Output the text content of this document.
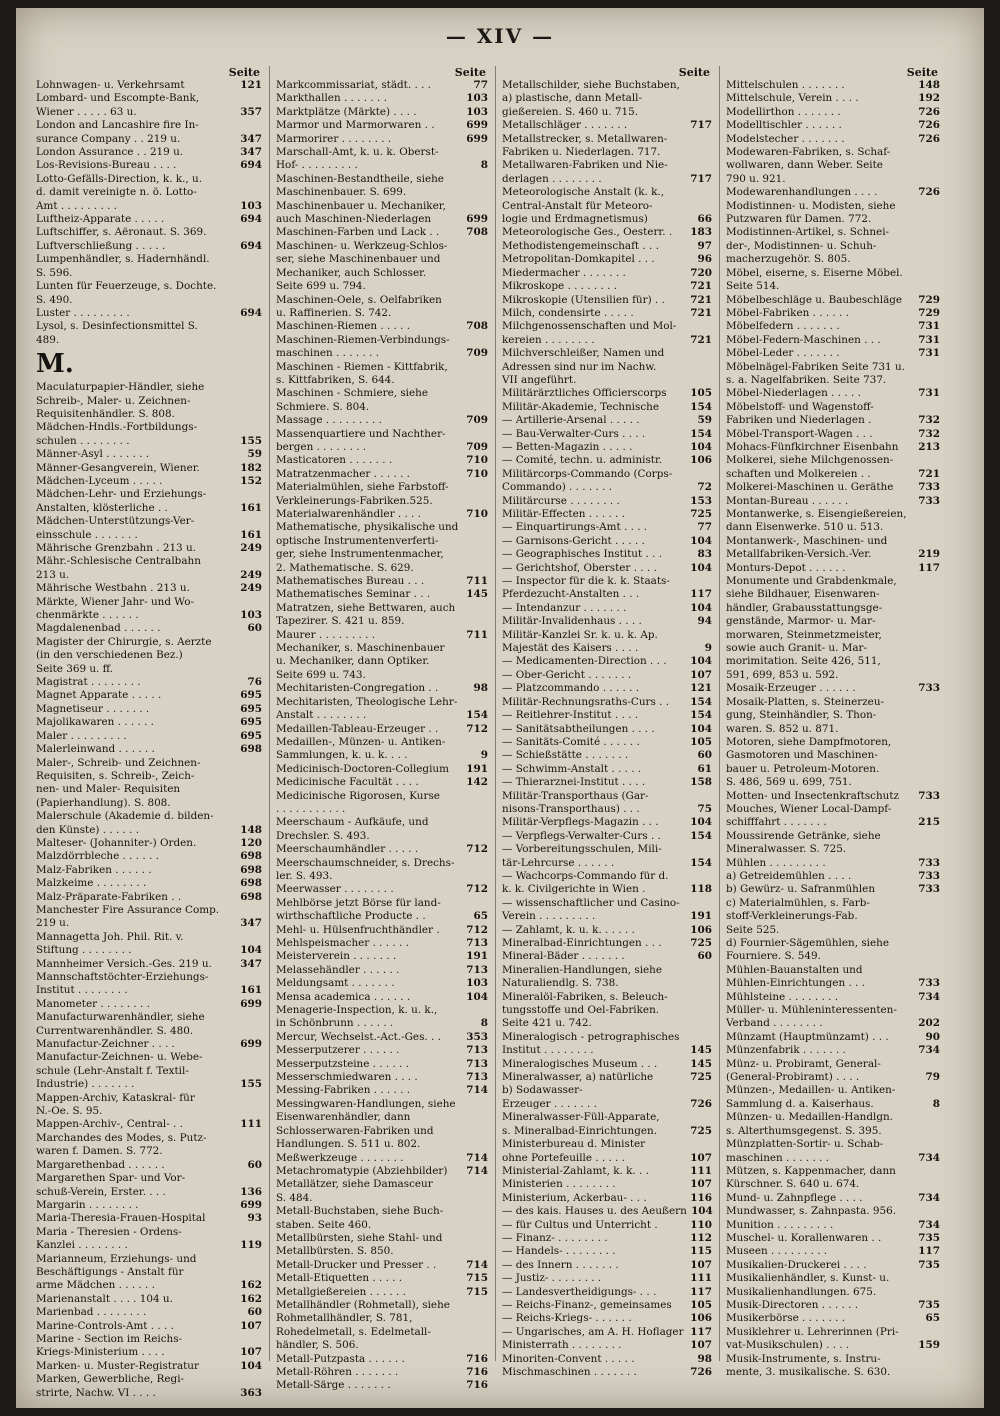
— XIV —
Seite
Lohnwagen- u. Verkehrsamt	121
Lombard- und Escompte-Bank,
Wiener . . . . . 63 u.	357
London and Lancashire fire In-
surance Company . . 219 u.	347
London Assurance . . 219 u.	347
Los-Revisions-Bureau . . . .	694
Lotto-Gefälls-Direction, k. k., u.
d. damit vereinigte n. ö. Lotto-
Amt . . . . . . . . .	103
Luftheiz-Apparate . . . . .	694
Luftschiffer, s. Aëronaut. S. 369.
Luftverschließung . . . . .	694
Lumpenhändler, s. Hadernhändl.
S. 596.
Lunten für Feuerzeuge, s. Dochte.
S. 490.
Luster . . . . . . . . .	694
Lysol, s. Desinfectionsmittel S.
489.
M.
Maculaturpapier-Händler, siehe
Schreib-, Maler- u. Zeichnen-
Requisitenhändler. S. 808.
Mädchen-Hndls.-Fortbildungs-
schulen . . . . . . . .	155
Männer-Asyl . . . . . . .	59
Männer-Gesangverein, Wiener.	182
Mädchen-Lyceum . . . . .	152
Mädchen-Lehr- und Erziehungs-
Anstalten, klösterliche . .	161
Mädchen-Unterstützungs-Ver-
einsschule . . . . . . .	161
Mährische Grenzbahn . 213 u.	249
Mähr.-Schlesische Centralbahn
213 u.	249
Mährische Westbahn . 213 u.	249
Märkte, Wiener Jahr- und Wo-
chenmärkte . . . . . .	103
Magdalenenbad . . . . . .	60
Magister der Chirurgie, s. Aerzte
(in den verschiedenen Bez.)
Seite 369 u. ff.
Magistrat . . . . . . . .	76
Magnet Apparate . . . . .	695
Magnetiseur . . . . . . .	695
Majolikawaren . . . . . .	695
Maler . . . . . . . . .	695
Malerleinwand . . . . . .	698
Maler-, Schreib- und Zeichnen-
Requisiten, s. Schreib-, Zeich-
nen- und Maler- Requisiten
(Papierhandlung). S. 808.
Malerschule (Akademie d. bilden-
den Künste) . . . . . .	148
Malteser- (Johanniter-) Orden.	120
Malzdörrbleche . . . . . .	698
Malz-Fabriken . . . . . .	698
Malzkeime . . . . . . . .	698
Malz-Präparate-Fabriken . .	698
Manchester Fire Assurance Comp.
219 u.	347
Mannagetta Joh. Phil. Rit. v.
Stiftung . . . . . . . .	104
Mannheimer Versich.-Ges. 219 u.	347
Mannschaftstöchter-Erziehungs-
Institut . . . . . . . .	161
Manometer . . . . . . . .	699
Manufacturwarenhändler, siehe
Currentwarenhändler. S. 480.
Manufactur-Zeichner . . . .	699
Manufactur-Zeichnen- u. Webe-
schule (Lehr-Anstalt f. Textil-
Industrie) . . . . . . .	155
Mappen-Archiv, Kataskral- für
N.-Oe. S. 95.
Mappen-Archiv-, Central- . .	111
Marchandes des Modes, s. Putz-
waren f. Damen. S. 772.
Margarethenbad . . . . . .	60
Margarethen Spar- und Vor-
schuß-Verein, Erster. . . .	136
Margarin . . . . . . . .	699
Maria-Theresia-Frauen-Hospital	93
Maria - Theresien - Ordens-
Kanzlei . . . . . . . .	119
Marianneum, Erziehungs- und
Beschäftigungs - Anstalt für
arme Mädchen . . . . . .	162
Marienanstalt . . . . 104 u.	162
Marienbad . . . . . . . .	60
Marine-Controls-Amt . . . .	107
Marine - Section im Reichs-
Kriegs-Ministerium . . . .	107
Marken- u. Muster-Registratur	104
Marken, Gewerbliche, Regi-
strirte, Nachw. VI . . . .	363
Seite
Markcommissariat, städt. . . .	77
Markthallen . . . . . . .	103
Marktplätze (Märkte) . . . .	103
Marmor und Marmorwaren . .	699
Marmorirer . . . . . . . .	699
Marschall-Amt, k. u. k. Oberst-
Hof- . . . . . . . . .	8
Maschinen-Bestandtheile, siehe
Maschinenbauer. S. 699.
Maschinenbauer u. Mechaniker,
auch Maschinen-Niederlagen	699
Maschinen-Farben und Lack . .	708
Maschinen- u. Werkzeug-Schlos-
ser, siehe Maschinenbauer und
Mechaniker, auch Schlosser.
Seite 699 u. 794.
Maschinen-Oele, s. Oelfabriken
u. Raffinerien. S. 742.
Maschinen-Riemen . . . . .	708
Maschinen-Riemen-Verbindungs-
maschinen . . . . . . .	709
Maschinen - Riemen - Kittfabrik,
s. Kittfabriken, S. 644.
Maschinen - Schmiere, siehe
Schmiere. S. 804.
Massage . . . . . . . . .	709
Massenquartiere und Nachther-
bergen . . . . . . . .	709
Masticatoren . . . . . . .	710
Matratzenmacher . . . . . .	710
Materialmühlen, siehe Farbstoff-
Verkleinerungs-Fabriken.525.
Materialwarenhändler . . . .	710
Mathematische, physikalische und
optische Instrumentenverferti-
ger, siehe Instrumentenmacher,
2. Mathematische. S. 629.
Mathematisches Bureau . . .	711
Mathematisches Seminar . . .	145
Matratzen, siehe Bettwaren, auch
Tapezirer. S. 421 u. 859.
Maurer . . . . . . . . .	711
Mechaniker, s. Maschinenbauer
u. Mechaniker, dann Optiker.
Seite 699 u. 743.
Mechitaristen-Congregation . .	98
Mechitaristen, Theologische Lehr-
Anstalt . . . . . . . .	154
Medaillen-Tableau-Erzeuger . .	712
Medaillen-, Münzen- u. Antiken-
Sammlungen, k. u. k. . . .	9
Medicinisch-Doctoren-Collegium	191
Medicinische Facultät . . . .	142
Medicinische Rigorosen, Kurse
. . . . . . . . . . .
Meerschaum - Aufkäufe, und
Drechsler. S. 493.
Meerschaumhändler . . . . .	712
Meerschaumschneider, s. Drechs-
ler. S. 493.
Meerwasser . . . . . . . .	712
Mehlbörse jetzt Börse für land-
wirthschaftliche Producte . .	65
Mehl- u. Hülsenfruchthändler .	712
Mehlspeismacher . . . . . .	713
Meisterverein . . . . . . .	191
Melassehändler . . . . . .	713
Meldungsamt . . . . . . .	103
Mensa academica . . . . . .	104
Menagerie-Inspection, k. u. k.,
in Schönbrunn . . . . . .	8
Mercur, Wechselst.-Act.-Ges. . .	353
Messerputzerer . . . . . .	713
Messerputzsteine . . . . . .	713
Messerschmiedwaren . . . .	713
Messing-Fabriken . . . . . .	714
Messingwaren-Handlungen, siehe
Eisenwarenhändler, dann
Schlosserwaren-Fabriken und
Handlungen. S. 511 u. 802.
Meßwerkzeuge . . . . . . .	714
Metachromatypie (Abziehbilder)	714
Metallätzer, siehe Damasceur
S. 484.
Metall-Buchstaben, siehe Buch-
staben. Seite 460.
Metallbürsten, siehe Stahl- und
Metallbürsten. S. 850.
Metall-Drucker und Presser . .	714
Metall-Etiquetten . . . . .	715
Metallgießereien . . . . . .	715
Metallhändler (Rohmetall), siehe
Rohmetallhändler, S. 781,
Rohedelmetall, s. Edelmetall-
händler, S. 506.
Metall-Putzpasta . . . . . .	716
Metall-Röhren . . . . . . .	716
Metall-Särge . . . . . . .	716
Seite
Metallschilder, siehe Buchstaben,
a) plastische, dann Metall-
gießereien. S. 460 u. 715.
Metallschläger . . . . . . .	717
Metallstrecker, s. Metallwaren-
Fabriken u. Niederlagen. 717.
Metallwaren-Fabriken und Nie-
derlagen . . . . . . . .	717
Meteorologische Anstalt (k. k.,
Central-Anstalt für Meteoro-
logie und Erdmagnetismus)	66
Meteorologische Ges., Oesterr. .	183
Methodistengemeinschaft . . .	97
Metropolitan-Domkapitel . . .	96
Miedermacher . . . . . . .	720
Mikroskope . . . . . . . .	721
Mikroskopie (Utensilien für) . .	721
Milch, condensirte . . . . .	721
Milchgenossenschaften und Mol-
kereien . . . . . . . .	721
Milchverschleißer, Namen und
Adressen sind nur im Nachw.
VII angeführt.
Militärärztliches Officierscorps	105
Militär-Akademie, Technische	154
— Artillerie-Arsenal . . . . .	59
— Bau-Verwalter-Curs . . . .	154
— Betten-Magazin . . . . .	104
— Comité, techn. u. administr.	106
Militärcorps-Commando (Corps-
Commando) . . . . . . .	72
Militärcurse . . . . . . . .	153
Militär-Effecten . . . . . .	725
— Einquartirungs-Amt . . . .	77
— Garnisons-Gericht . . . . .	104
— Geographisches Institut . . .	83
— Gerichtshof, Oberster . . . .	104
— Inspector für die k. k. Staats-
Pferdezucht-Anstalten . . .	117
— Intendanzur . . . . . . .	104
Militär-Invalidenhaus . . . .	94
Militär-Kanzlei Sr. k. u. k. Ap.
Majestät des Kaisers . . . .	9
— Medicamenten-Direction . . .	104
— Ober-Gericht . . . . . . .	107
— Platzcommando . . . . . .	121
Militär-Rechnungsraths-Curs . .	154
— Reitlehrer-Institut . . . .	154
— Sanitätsabtheilungen . . . .	104
— Sanitäts-Comité . . . . . .	105
— Schießstätte . . . . . . .	60
— Schwimm-Anstalt . . . . .	61
— Thierarznei-Institut . . . .	158
Militär-Transporthaus (Gar-
nisons-Transporthaus) . . .	75
Militär-Verpflegs-Magazin . . .	104
— Verpflegs-Verwalter-Curs . .	154
— Vorbereitungsschulen, Mili-
tär-Lehrcurse . . . . . .	154
— Wachcorps-Commando für d.
k. k. Civilgerichte in Wien .	118
— wissenschaftlicher und Casino-
Verein . . . . . . . . .	191
— Zahlamt, k. u. k. . . . . .	106
Mineralbad-Einrichtungen . . .	725
Mineral-Bäder . . . . . . .	60
Mineralien-Handlungen, siehe
Naturaliendlg. S. 738.
Mineralöl-Fabriken, s. Beleuch-
tungsstoffe und Oel-Fabriken.
Seite 421 u. 742.
Mineralogisch - petrographisches
Institut . . . . . . . .	145
Mineralogisches Museum . . .	145
Mineralwasser, a) natürliche	725
b) Sodawasser-
Erzeuger . . . . . . .	726
Mineralwasser-Füll-Apparate,
s. Mineralbad-Einrichtungen.	725
Ministerbureau d. Minister
ohne Portefeuille . . . . .	107
Ministerial-Zahlamt, k. k. . .	111
Ministerien . . . . . . . .	107
Ministerium, Ackerbau- . . .	116
— des kais. Hauses u. des Aeußern 104
— für Cultus und Unterricht .	110
— Finanz- . . . . . . . .	112
— Handels- . . . . . . . .	115
— des Innern . . . . . . .	107
— Justiz- . . . . . . . .	111
— Landesvertheidigungs- . . .	117
— Reichs-Finanz-, gemeinsames	105
— Reichs-Kriegs- . . . . . .	106
— Ungarisches, am A. H. Hoflager 117
Ministerrath . . . . . . . .	107
Minoriten-Convent . . . . .	98
Mischmaschinen . . . . . . .	726
Seite
Mittelschulen . . . . . . .	148
Mittelschule, Verein . . . .	192
Modellirthon . . . . . . .	726
Modelltischler . . . . . .	726
Modelstecher . . . . . . .	726
Modewaren-Fabriken, s. Schaf-
wollwaren, dann Weber. Seite
790 u. 921.
Modewarenhandlungen . . . .	726
Modistinnen- u. Modisten, siehe
Putzwaren für Damen. 772.
Modistinnen-Artikel, s. Schnei-
der-, Modistinnen- u. Schuh-
macherzugehör. S. 805.
Möbel, eiserne, s. Eiserne Möbel.
Seite 514.
Möbelbeschläge u. Baubeschläge	729
Möbel-Fabriken . . . . . .	729
Möbelfedern . . . . . . .	731
Möbel-Federn-Maschinen . . .	731
Möbel-Leder . . . . . . .	731
Möbelnägel-Fabriken Seite 731 u.
s. a. Nagelfabriken. Seite 737.
Möbel-Niederlagen . . . . .	731
Möbelstoff- und Wagenstoff-
Fabriken und Niederlagen .	732
Möbel-Transport-Wagen . . .	732
Mohacs-Fünfkirchner Eisenbahn	213
Molkerei, siehe Milchgenossen-
schaften und Molkereien . .	721
Molkerei-Maschinen u. Geräthe	733
Montan-Bureau . . . . . .	733
Montanwerke, s. Eisengießereien,
dann Eisenwerke. 510 u. 513.
Montanwerk-, Maschinen- und
Metallfabriken-Versich.-Ver.	219
Monturs-Depot . . . . . .	117
Monumente und Grabdenkmale,
siehe Bildhauer, Eisenwaren-
händler, Grabausstattungsge-
genstände, Marmor- u. Mar-
morwaren, Steinmetzmeister,
sowie auch Granit- u. Mar-
morimitation. Seite 426, 511,
591, 699, 853 u. 592.
Mosaik-Erzeuger . . . . . .	733
Mosaik-Platten, s. Steinerzeu-
gung, Steinhändler, S. Thon-
waren. S. 852 u. 871.
Motoren, siehe Dampfmotoren,
Gasmotoren und Maschinen-
bauer u. Petroleum-Motoren.
S. 486, 569 u. 699, 751.
Motten- und Insectenkraftschutz	733
Mouches, Wiener Local-Dampf-
schifffahrt . . . . . . .	215
Moussirende Getränke, siehe
Mineralwasser. S. 725.
Mühlen . . . . . . . . .	733
a) Getreidemühlen . . . .	733
b) Gewürz- u. Safranmühlen	733
c) Materialmühlen, s. Farb-
stoff-Verkleinerungs-Fab.
Seite 525.
d) Fournier-Sägemühlen, siehe
Fourniere. S. 549.
Mühlen-Bauanstalten und
Mühlen-Einrichtungen . . .	733
Mühlsteine . . . . . . . .	734
Müller- u. Mühleninteressenten-
Verband . . . . . . . .	202
Münzamt (Hauptmünzamt) . . .	90
Münzenfabrik . . . . . . .	734
Münz- u. Probiramt, General-
(General-Probiramt) . . . .	79
Münzen-, Medaillen- u. Antiken-
Sammlung d. a. Kaiserhaus.	8
Münzen- u. Medaillen-Handlgn.
s. Alterthumsgegenst. S. 395.
Münzplatten-Sortir- u. Schab-
maschinen . . . . . . .	734
Mützen, s. Kappenmacher, dann
Kürschner. S. 640 u. 674.
Mund- u. Zahnpflege . . . .	734
Mundwasser, s. Zahnpasta. 956.
Munition . . . . . . . . .	734
Muschel- u. Korallenwaren . .	735
Museen . . . . . . . . .	117
Musikalien-Druckerei . . . .	735
Musikalienhändler, s. Kunst- u.
Musikalienhandlungen. 675.
Musik-Directoren . . . . . .	735
Musikerbörse . . . . . . .	65
Musiklehrer u. Lehrerinnen (Pri-
vat-Musikschulen) . . . .	159
Musik-Instrumente, s. Instru-
mente, 3. musikalische. S. 630.
